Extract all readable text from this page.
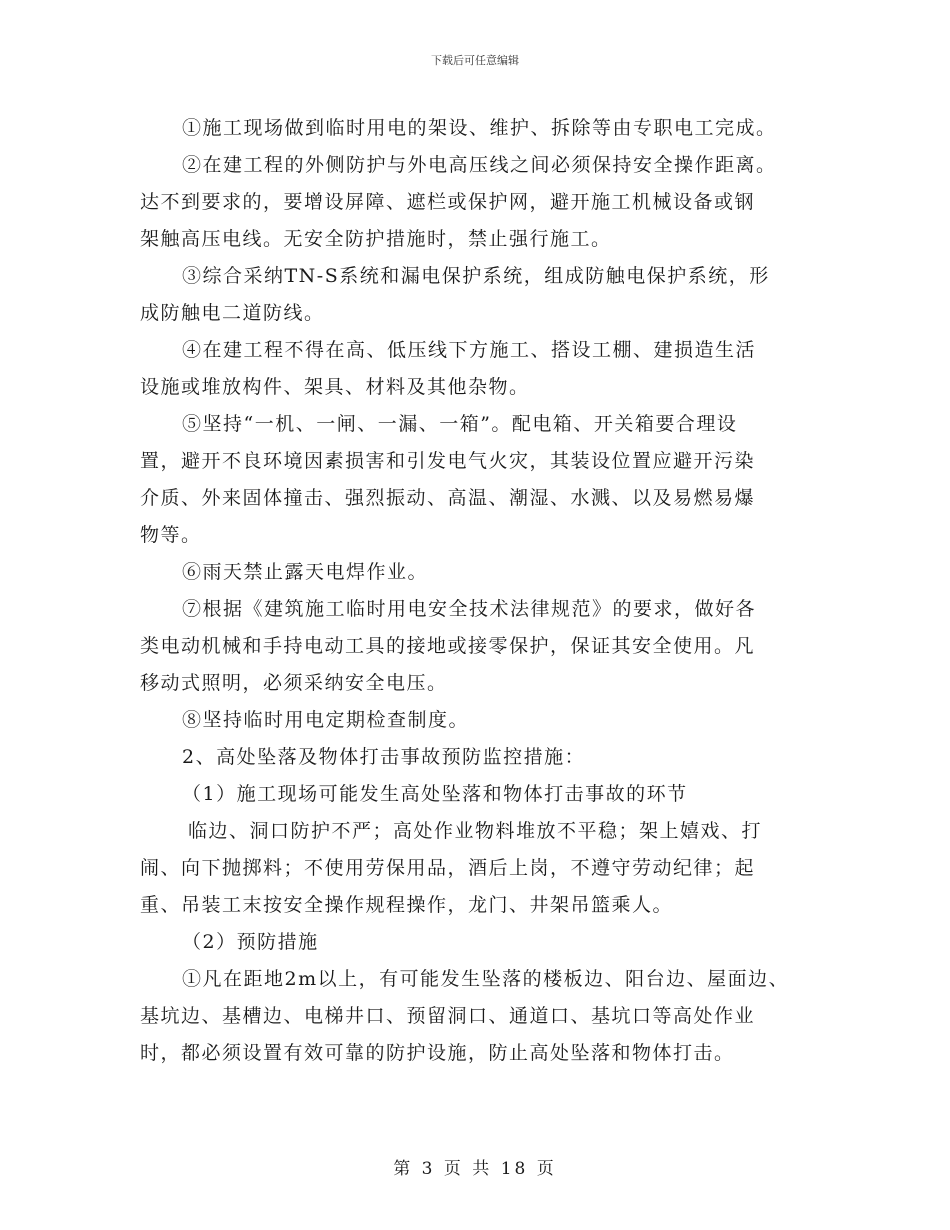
下载后可任意编辑
①施工现场做到临时用电的架设、维护、拆除等由专职电工完成。
②在建工程的外侧防护与外电高压线之间必须保持安全操作距离。
达不到要求的，要增设屏障、遮栏或保护网，避开施工机械设备或钢
架触高压电线。无安全防护措施时，禁止强行施工。
③综合采纳TN-S系统和漏电保护系统，组成防触电保护系统，形
成防触电二道防线。
④在建工程不得在高、低压线下方施工、搭设工棚、建损造生活
设施或堆放构件、架具、材料及其他杂物。
⑤坚持“一机、一闸、一漏、一箱”。配电箱、开关箱要合理设
置，避开不良环境因素损害和引发电气火灾，其装设位置应避开污染
介质、外来固体撞击、强烈振动、高温、潮湿、水溅、以及易燃易爆
物等。
⑥雨天禁止露天电焊作业。
⑦根据《建筑施工临时用电安全技术法律规范》的要求，做好各
类电动机械和手持电动工具的接地或接零保护，保证其安全使用。凡
移动式照明，必须采纳安全电压。
⑧坚持临时用电定期检查制度。
2、高处坠落及物体打击事故预防监控措施：
（1）施工现场可能发生高处坠落和物体打击事故的环节
临边、洞口防护不严；高处作业物料堆放不平稳；架上嬉戏、打
闹、向下抛掷料；不使用劳保用品，酒后上岗，不遵守劳动纪律；起
重、吊装工末按安全操作规程操作，龙门、井架吊篮乘人。
（2）预防措施
①凡在距地2m以上，有可能发生坠落的楼板边、阳台边、屋面边、
基坑边、基槽边、电梯井口、预留洞口、通道口、基坑口等高处作业
时，都必须设置有效可靠的防护设施，防止高处坠落和物体打击。
第 3 页 共 18 页
